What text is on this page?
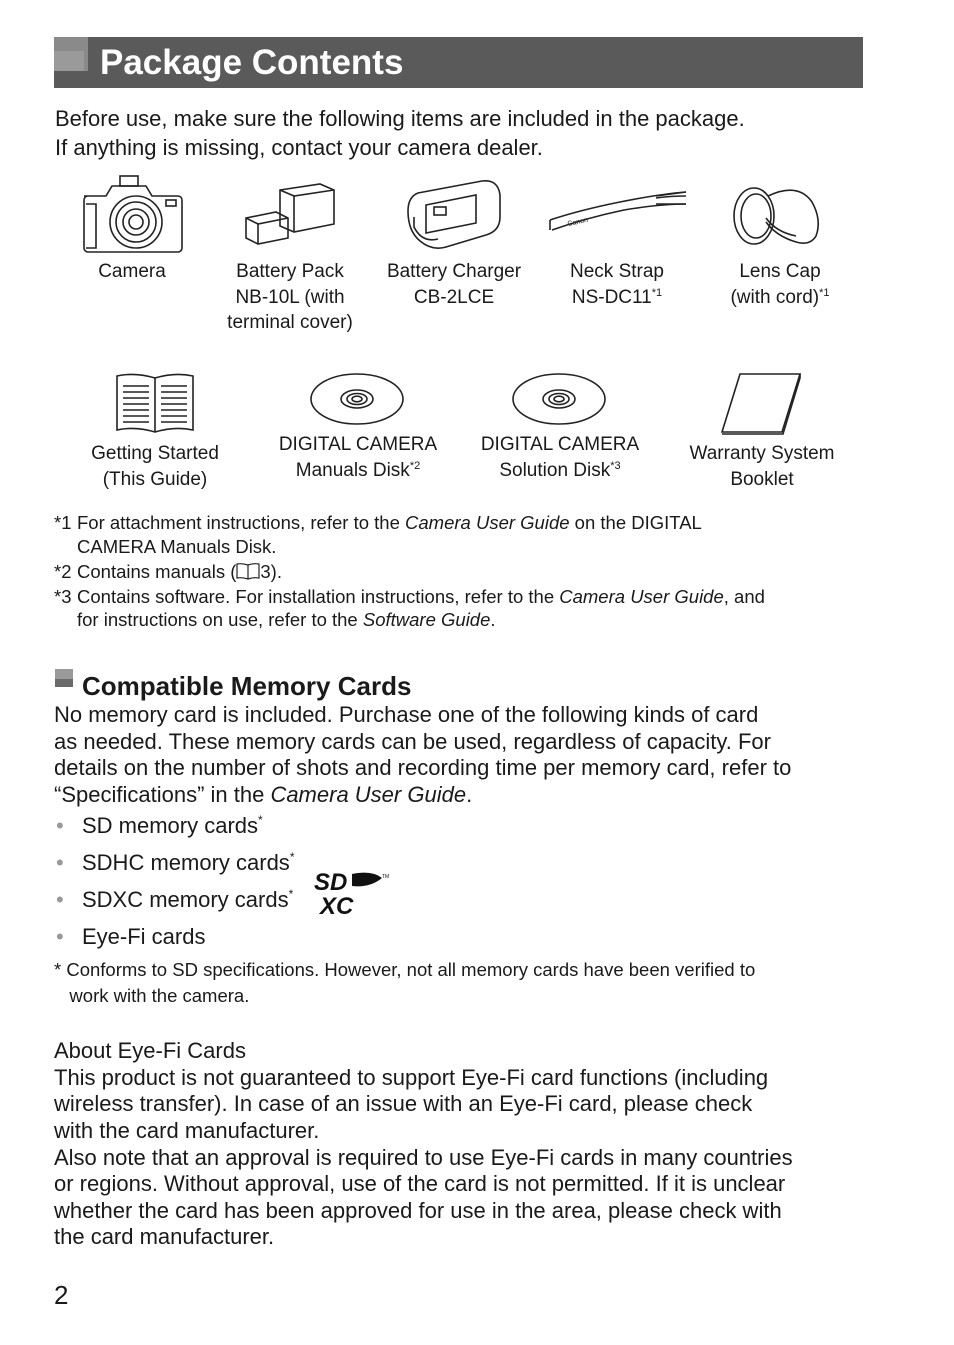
Package Contents
Before use, make sure the following items are included in the package.
If anything is missing, contact your camera dealer.
Canon
Camera	Battery Pack
NB-10L (with
terminal cover)
Battery Charger
CB-2LCE
Neck Strap
NS-DC11$^{*1}$
Lens Cap
(with cord)$^{*1}$
Getting Started
(This Guide)
DIGITAL CAMERA
Manuals Disk$^{*2}$
DIGITAL CAMERA
Solution Disk$^{*3}$
Warranty System
Booklet
*1 For attachment instructions, refer to the Camera User Guide on the DIGITAL
CAMERA Manuals Disk.
*2 Contains manuals ( 3).
*3 Contains software. For installation instructions, refer to the Camera User Guide, and
for instructions on use, refer to the Software Guide.
Compatible Memory Cards
No memory card is included. Purchase one of the following kinds of card
as needed. These memory cards can be used, regardless of capacity. For
details on the number of shots and recording time per memory card, refer to
“Specifications” in the Camera User Guide.
• SD memory cards*
• SDHC memory cards*
• SDXC memory cards*
• Eye-Fi cards
SD
XC
TM
* Conforms to SD specifications. However, not all memory cards have been verified to
work with the camera.
About Eye-Fi Cards
This product is not guaranteed to support Eye-Fi card functions (including
wireless transfer). In case of an issue with an Eye-Fi card, please check
with the card manufacturer.
Also note that an approval is required to use Eye-Fi cards in many countries
or regions. Without approval, use of the card is not permitted. If it is unclear
whether the card has been approved for use in the area, please check with
the card manufacturer.
2
